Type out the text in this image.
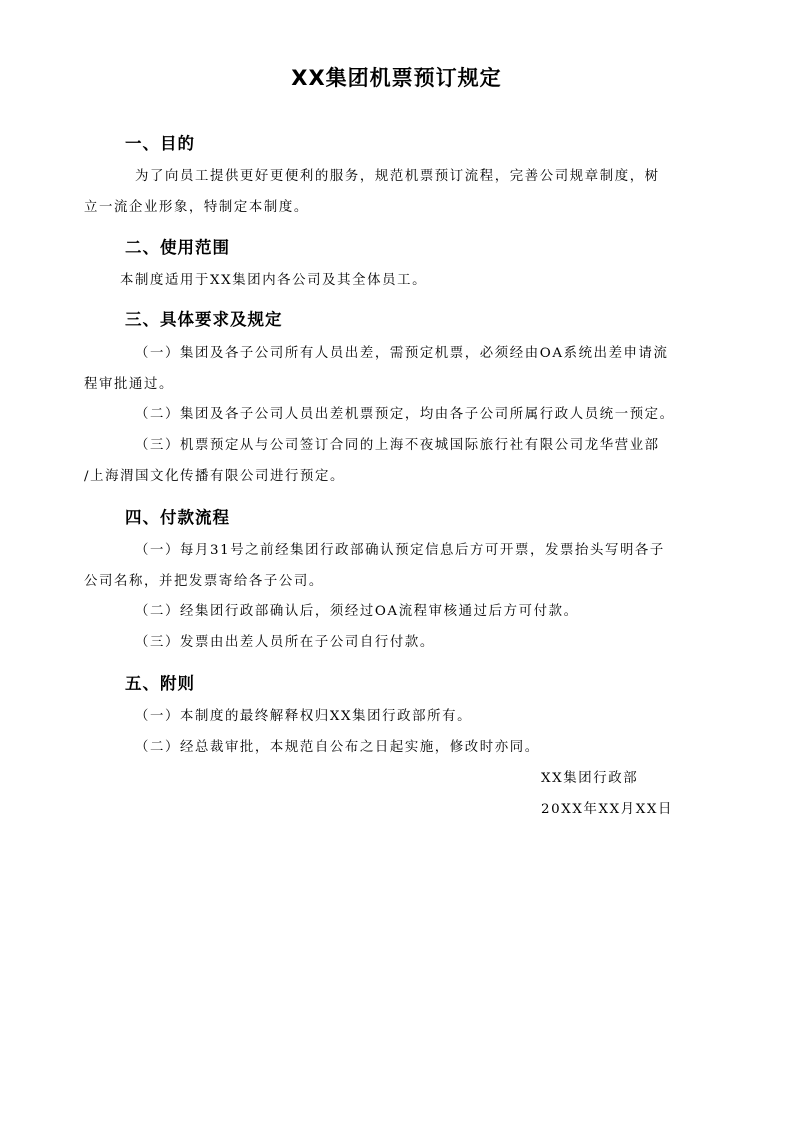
XX集团机票预订规定
一、目的
为了向员工提供更好更便利的服务，规范机票预订流程，完善公司规章制度，树
立一流企业形象，特制定本制度。
二、使用范围
本制度适用于XX集团内各公司及其全体员工。
三、具体要求及规定
（一）集团及各子公司所有人员出差，需预定机票，必须经由OA系统出差申请流
程审批通过。
（二）集团及各子公司人员出差机票预定，均由各子公司所属行政人员统一预定。
（三）机票预定从与公司签订合同的上海不夜城国际旅行社有限公司龙华营业部
/上海渭国文化传播有限公司进行预定。
四、付款流程
（一）每月31号之前经集团行政部确认预定信息后方可开票，发票抬头写明各子
公司名称，并把发票寄给各子公司。
（二）经集团行政部确认后，须经过OA流程审核通过后方可付款。
（三）发票由出差人员所在子公司自行付款。
五、附则
（一）本制度的最终解释权归XX集团行政部所有。
（二）经总裁审批，本规范自公布之日起实施，修改时亦同。
XX集团行政部
20XX年XX月XX日
